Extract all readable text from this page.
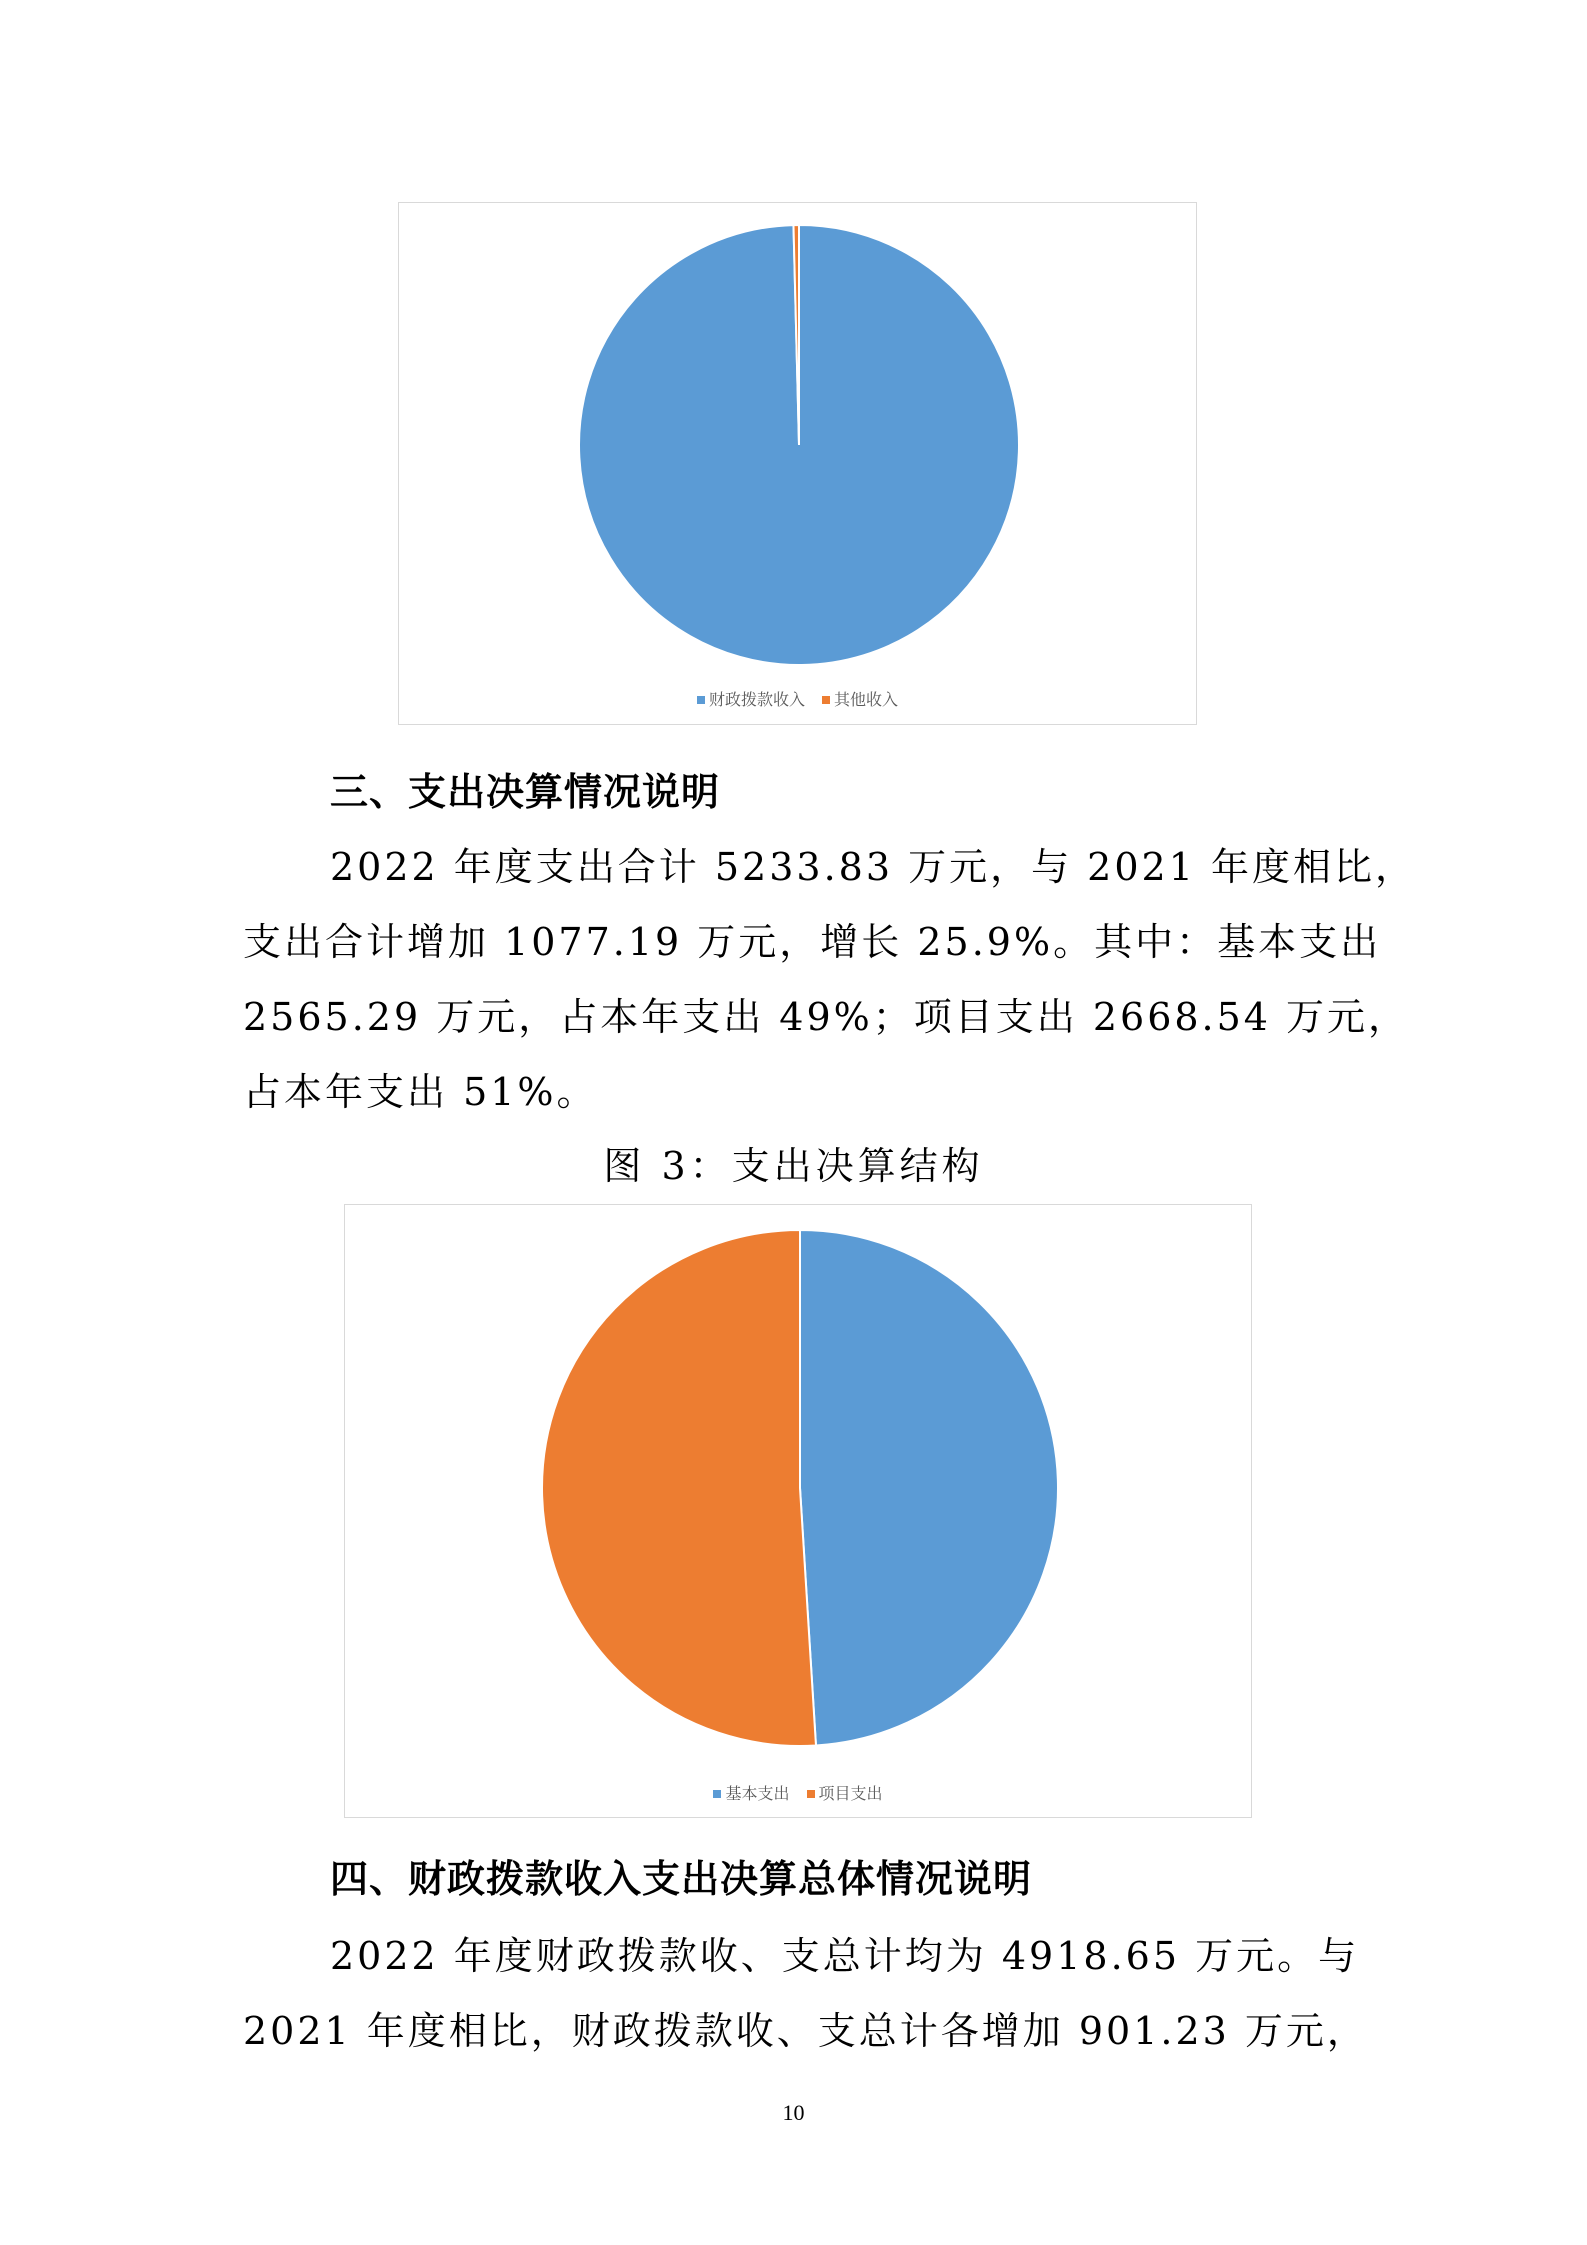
财政拨款收入 其他收入
三、支出决算情况说明
2022 年度支出合计 5233.83 万元，与 2021 年度相比，
支出合计增加 1077.19 万元，增长 25.9%。其中：基本支出
2565.29 万元，占本年支出 49%；项目支出 2668.54 万元，
占本年支出 51%。
图 3：支出决算结构
基本支出 项目支出
四、财政拨款收入支出决算总体情况说明
2022 年度财政拨款收、支总计均为 4918.65 万元。与
2021 年度相比，财政拨款收、支总计各增加 901.23 万元，
10
